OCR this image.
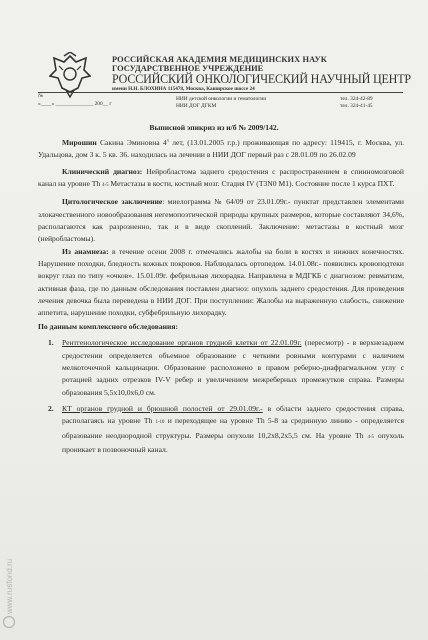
РОССИЙСКАЯ АКАДЕМИЯ МЕДИЦИНСКИХ НАУК
ГОСУДАРСТВЕННОЕ УЧРЕЖДЕНИЕ
РОССИЙСКИЙ ОНКОЛОГИЧЕСКИЙ НАУЧНЫЙ ЦЕНТР
имени Н.Н. БЛОХИНА 115478, Москва, Каширское шоссе 24
№
«____» ______________ 200__ г
НИИ детской онкологии и гематологии
НИИ ДОГ ДГКМ
тел. 324-42-89
тел. 324-41-45
Выписной эпикриз из и/б № 2009/142.

Мирошин Сакина Эминовна $4^х$ лет, (13.01.2005 г.р.) проживающая по адресу: 119415, г. Москва, ул. Удальцова, дом 3 к. 5 кв. 36. находилась на лечении в НИИ ДОГ первый раз с 28.01.09 по 26.02.09

Клинический диагноз: Нейробластома заднего средостения с распространением в спинномозговой канал на уровне Th 4-5 Метастазы в кости, костный мозг. Стадия IV (T3N0 M1). Состояние после 1 курса ПХТ.

Цитологическое заключение: миелограмма № 64/09 от 23.01.09г.- пунктат представлен элементами злокачественного новообразования негемопоэтической природы крупных размеров, которые составляют 34,6%, располагаются как разрозненно, так и в виде скоплений. Заключение: метастазы в костный мозг (нейробластомы).

Из анамнеза: в течение осени 2008 г. отмечались жалобы на боли в костях и нижних конечностях. Нарушение походки, бледность кожных покровов. Наблюдалась ортопедом. 14.01.08г.- появились кровоподтеки вокруг глаз по типу «очков». 15.01.09г. фебрильная лихорадка. Направлена в МДГКБ с диагнозом: ревматизм, активная фаза, где по данным обследования поставлен диагноз: опухоль заднего средостения. Для проведения лечения девочка была переведена в НИИ ДОГ. При поступлении: Жалобы на выраженную слабость, снижение аппетита, нарушение походки, субфебрильную лихорадку.

По данным комплексного обследования:

1. Рентгенологическое исследование органов грудной клетки от 22.01.09г. (пересмотр) - в верхнезаднем средостении определяется объемное образование с четкими ровными контурами с наличием мелкоточечной кальцинации. Образование расположено в правом реберно-диафрагмальном углу с ротацией задних отрезков IV-V ребер и увеличением межреберных промежутков справа. Размеры образования 5,5х10,0х6,0 см.

2. КТ органов грудной и брюшной полостей от 29.01.09г.- в области заднего средостения справа, располагаясь на уровне Th 1-10 и переходящее на уровне Th 5-8 за срединную линию - определяется образование неоднородной структуры. Размеры опухоли 10,2х8,2х5,5 см. На уровне Th 4-5 опухоль проникает в позвоночный канал.

www.rusfond.ru
